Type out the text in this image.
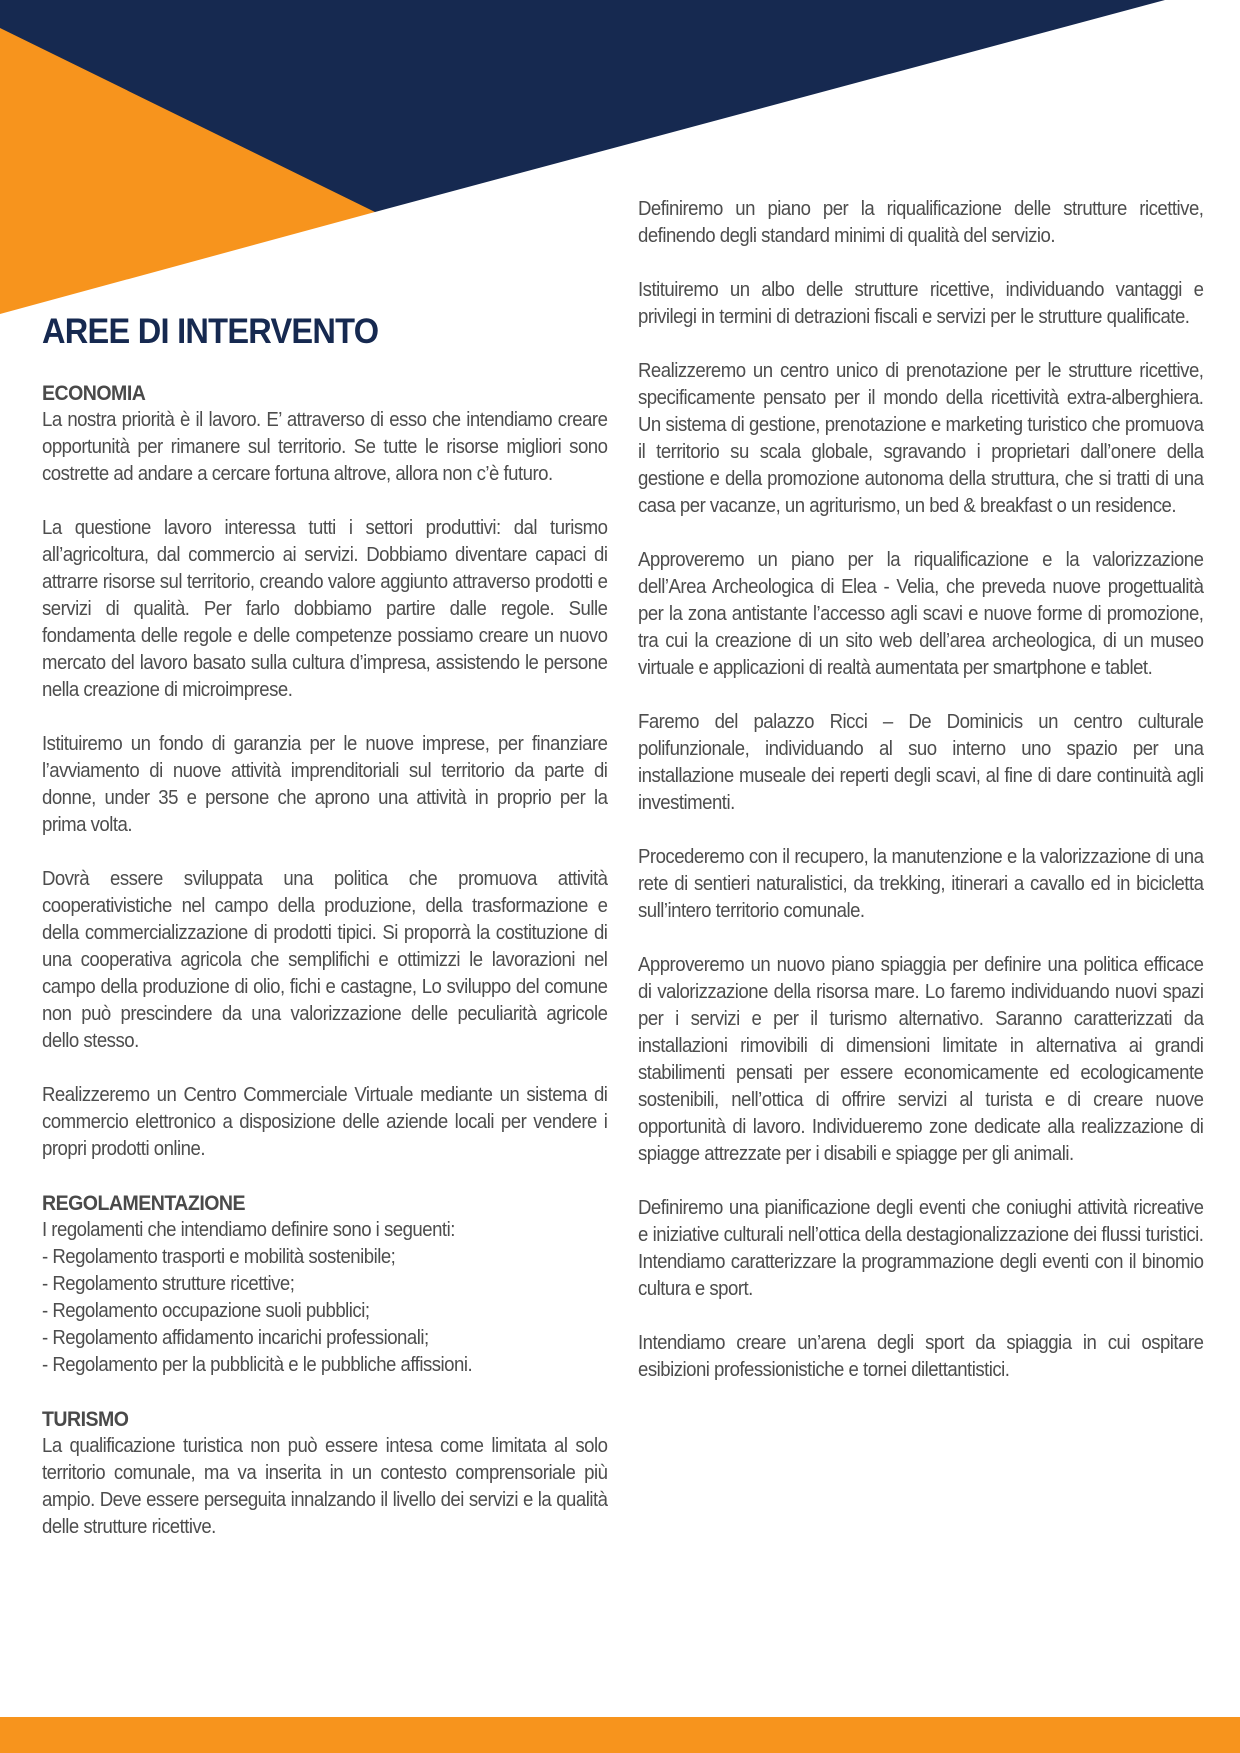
AREE DI INTERVENTO
ECONOMIA

La nostra priorità è il lavoro. E’ attraverso di esso che intendiamo creare opportunità per rimanere sul territorio. Se tutte le risorse migliori sono costrette ad andare a cercare fortuna altrove, allora non c’è futuro.

La questione lavoro interessa tutti i settori produttivi: dal turismo all’agricoltura, dal commercio ai servizi. Dobbiamo diventare capaci di attrarre risorse sul territorio, creando valore aggiunto attraverso prodotti e servizi di qualità. Per farlo dobbiamo partire dalle regole. Sulle fondamenta delle regole e delle competenze possiamo creare un nuovo mercato del lavoro basato sulla cultura d’impresa, assistendo le persone nella creazione di microimprese.

Istituiremo un fondo di garanzia per le nuove imprese, per finanziare l’avviamento di nuove attività imprenditoriali sul territorio da parte di donne, under 35 e persone che aprono una attività in proprio per la prima volta.

Dovrà essere sviluppata una politica che promuova attività cooperativistiche nel campo della produzione, della trasformazione e della commercializzazione di prodotti tipici. Si proporrà la costituzione di una cooperativa agricola che semplifichi e ottimizzi le lavorazioni nel campo della produzione di olio, fichi e castagne, Lo sviluppo del comune non può prescindere da una valorizzazione delle peculiarità agricole dello stesso.

Realizzeremo un Centro Commerciale Virtuale mediante un sistema di commercio elettronico a disposizione delle aziende locali per vendere i propri prodotti online.

REGOLAMENTAZIONE

I regolamenti che intendiamo definire sono i seguenti:

- Regolamento trasporti e mobilità sostenibile;
- Regolamento strutture ricettive;
- Regolamento occupazione suoli pubblici;
- Regolamento affidamento incarichi professionali;
- Regolamento per la pubblicità e le pubbliche affissioni.
TURISMO

La qualificazione turistica non può essere intesa come limitata al solo territorio comunale, ma va inserita in un contesto comprensoriale più ampio. Deve essere perseguita innalzando il livello dei servizi e la qualità delle strutture ricettive.

Definiremo un piano per la riqualificazione delle strutture ricettive, definendo degli standard minimi di qualità del servizio.

Istituiremo un albo delle strutture ricettive, individuando vantaggi e privilegi in termini di detrazioni fiscali e servizi per le strutture qualificate.

Realizzeremo un centro unico di prenotazione per le strutture ricettive, specificamente pensato per il mondo della ricettività extra-alberghiera. Un sistema di gestione, prenotazione e marketing turistico che promuova il territorio su scala globale, sgravando i proprietari dall’onere della gestione e della promozione autonoma della struttura, che si tratti di una casa per vacanze, un agriturismo, un bed & breakfast o un residence.

Approveremo un piano per la riqualificazione e la valorizzazione dell’Area Archeologica di Elea - Velia, che preveda nuove progettualità per la zona antistante l’accesso agli scavi e nuove forme di promozione, tra cui la creazione di un sito web dell’area archeologica, di un museo virtuale e applicazioni di realtà aumentata per smartphone e tablet.

Faremo del palazzo Ricci – De Dominicis un centro culturale polifunzionale, individuando al suo interno uno spazio per una installazione museale dei reperti degli scavi, al fine di dare continuità agli investimenti.

Procederemo con il recupero, la manutenzione e la valorizzazione di una rete di sentieri naturalistici, da trekking, itinerari a cavallo ed in bicicletta sull’intero territorio comunale.

Approveremo un nuovo piano spiaggia per definire una politica efficace di valorizzazione della risorsa mare. Lo faremo individuando nuovi spazi per i servizi e per il turismo alternativo. Saranno caratterizzati da installazioni rimovibili di dimensioni limitate in alternativa ai grandi stabilimenti pensati per essere economicamente ed ecologicamente sostenibili, nell’ottica di offrire servizi al turista e di creare nuove opportunità di lavoro. Individueremo zone dedicate alla realizzazione di spiagge attrezzate per i disabili e spiagge per gli animali.

Definiremo una pianificazione degli eventi che coniughi attività ricreative e iniziative culturali nell’ottica della destagionalizzazione dei flussi turistici. Intendiamo caratterizzare la programmazione degli eventi con il binomio cultura e sport.

Intendiamo creare un’arena degli sport da spiaggia in cui ospitare esibizioni professionistiche e tornei dilettantistici.
